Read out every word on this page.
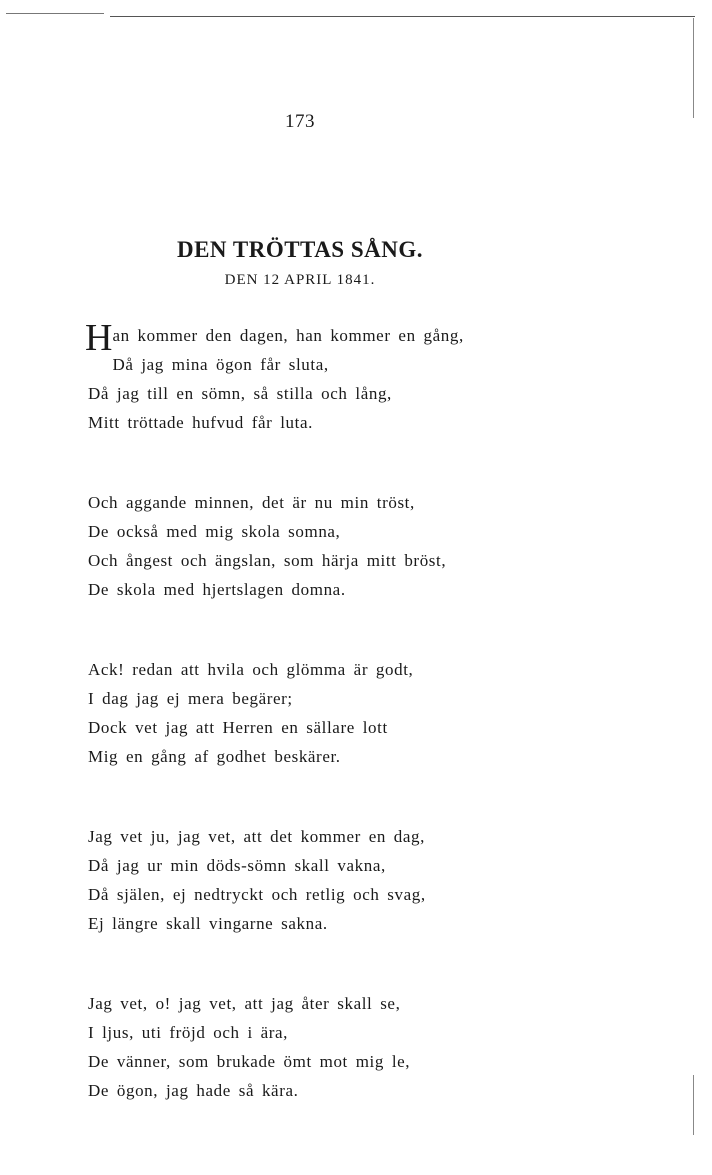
173
DEN TRÖTTAS SÅNG.
DEN 12 APRIL 1841.
H an kommer den dagen, han kommer en gång,
Då jag mina ögon får sluta,
Då jag till en sömn, så stilla och lång,
Mitt tröttade hufvud får luta.
Och aggande minnen, det är nu min tröst,
De också med mig skola somna,
Och ångest och ängslan, som härja mitt bröst,
De skola med hjertslagen domna.
Ack! redan att hvila och glömma är godt,
I dag jag ej mera begärer;
Dock vet jag att Herren en sällare lott
Mig en gång af godhet beskärer.
Jag vet ju, jag vet, att det kommer en dag,
Då jag ur min döds-sömn skall vakna,
Då själen, ej nedtryckt och retlig och svag,
Ej längre skall vingarne sakna.
Jag vet, o! jag vet, att jag åter skall se,
I ljus, uti fröjd och i ära,
De vänner, som brukade ömt mot mig le,
De ögon, jag hade så kära.
